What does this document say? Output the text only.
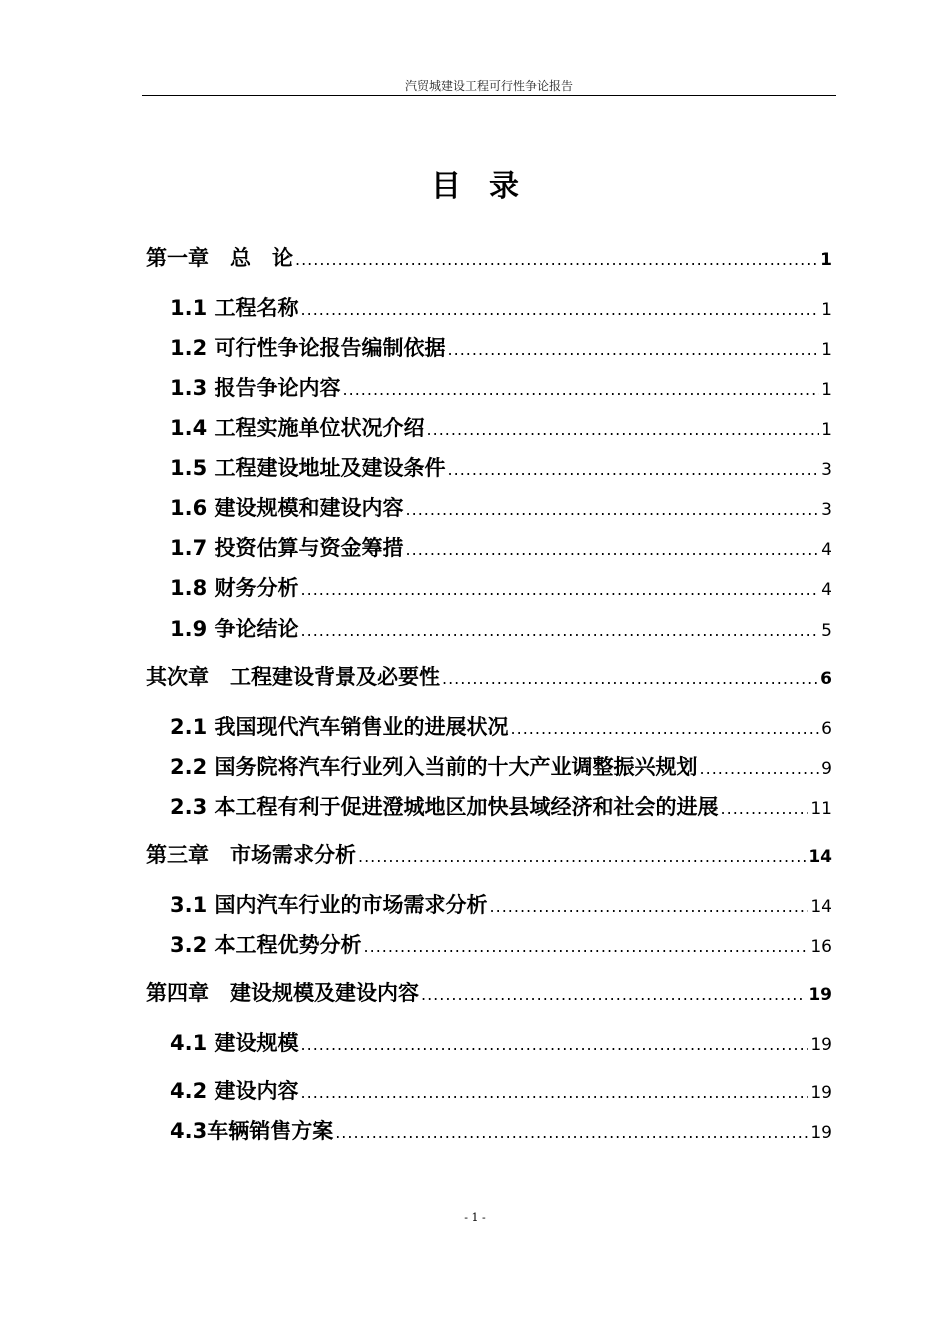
汽贸城建设工程可行性争论报告
目录
第一章　总　论 .....	1
1.1 工程名称 .....	1
1.2 可行性争论报告编制依据 .....	1
1.3 报告争论内容 .....	1
1.4 工程实施单位状况介绍 .....	1
1.5 工程建设地址及建设条件 .....	3
1.6 建设规模和建设内容 .....	3
1.7 投资估算与资金筹措 .....	4
1.8 财务分析 .....	4
1.9 争论结论 .....	5
其次章　工程建设背景及必要性 .....	6
2.1 我国现代汽车销售业的进展状况 .....	6
2.2 国务院将汽车行业列入当前的十大产业调整振兴规划 .....	9
2.3 本工程有利于促进澄城地区加快县域经济和社会的进展 .....	11
第三章　市场需求分析 .....	14
3.1 国内汽车行业的市场需求分析 .....	14
3.2 本工程优势分析 .....	16
第四章　建设规模及建设内容 .....	19
4.1 建设规模 .....	19
4.2 建设内容 .....	19
4.3车辆销售方案 .....	19
- 1 -
